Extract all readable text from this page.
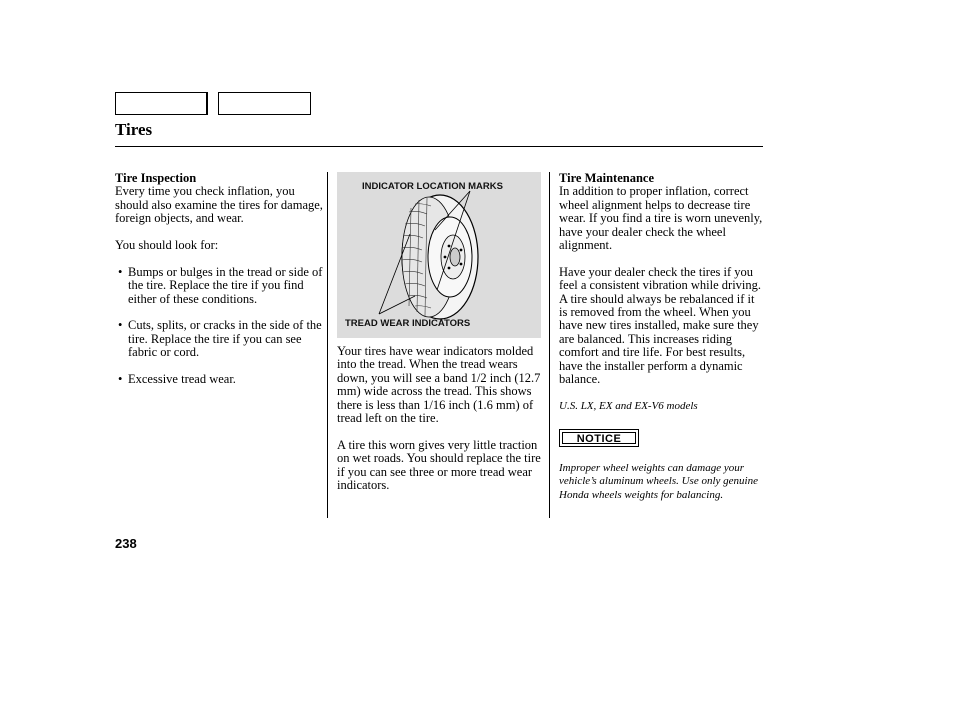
Tires
Tire Inspection

Every time you check inflation, you should also examine the tires for damage, foreign objects, and wear.

You should look for:

• Bumps or bulges in the tread or side of the tire. Replace the tire if you find either of these conditions.
• Cuts, splits, or cracks in the side of the tire. Replace the tire if you can see fabric or cord.
• Excessive tread wear.
INDICATOR LOCATION MARKS
TREAD WEAR INDICATORS

Your tires have wear indicators molded into the tread. When the tread wears down, you will see a band 1/2 inch (12.7 mm) wide across the tread. This shows there is less than 1/16 inch (1.6 mm) of tread left on the tire.

A tire this worn gives very little traction on wet roads. You should replace the tire if you can see three or more tread wear indicators.

Tire Maintenance

In addition to proper inflation, correct wheel alignment helps to decrease tire wear. If you find a tire is worn unevenly, have your dealer check the wheel alignment.

Have your dealer check the tires if you feel a consistent vibration while driving. A tire should always be rebalanced if it is removed from the wheel. When you have new tires installed, make sure they are balanced. This increases riding comfort and tire life. For best results, have the installer perform a dynamic balance.

U.S. LX, EX and EX-V6 models

NOTICE
Improper wheel weights can damage your vehicle’s aluminum wheels. Use only genuine Honda wheels weights for balancing.
238
